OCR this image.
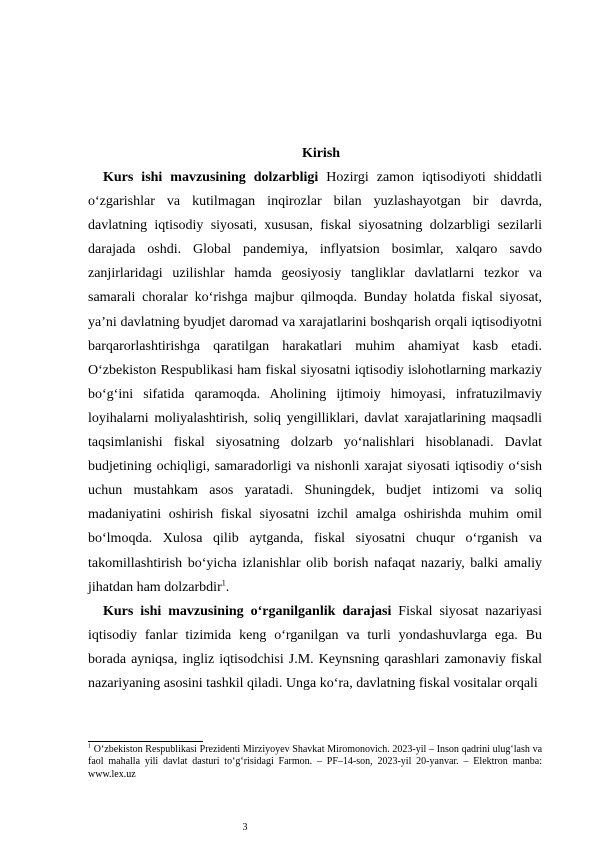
Kirish

Kurs ishi mavzusining dolzarbligi Hozirgi zamon iqtisodiyoti shiddatli o‘zgarishlar va kutilmagan inqirozlar bilan yuzlashayotgan bir davrda, davlatning iqtisodiy siyosati, xususan, fiskal siyosatning dolzarbligi sezilarli darajada oshdi. Global pandemiya, inflyatsion bosimlar, xalqaro savdo zanjirlaridagi uzilishlar hamda geosiyosiy tangliklar davlatlarni tezkor va samarali choralar ko‘rishga majbur qilmoqda. Bunday holatda fiskal siyosat, ya’ni davlatning byudjet daromad va xarajatlarini boshqarish orqali iqtisodiyotni barqarorlashtirishga qaratilgan harakatlari muhim ahamiyat kasb etadi. O‘zbekiston Respublikasi ham fiskal siyosatni iqtisodiy islohotlarning markaziy bo‘g‘ini sifatida qaramoqda. Aholining ijtimoiy himoyasi, infratuzilmaviy loyihalarni moliyalashtirish, soliq yengilliklari, davlat xarajatlarining maqsadli taqsimlanishi fiskal siyosatning dolzarb yo‘nalishlari hisoblanadi. Davlat budjetining ochiqligi, samaradorligi va nishonli xarajat siyosati iqtisodiy o‘sish uchun mustahkam asos yaratadi. Shuningdek, budjet intizomi va soliq madaniyatini oshirish fiskal siyosatni izchil amalga oshirishda muhim omil bo‘lmoqda. Xulosa qilib aytganda, fiskal siyosatni chuqur o‘rganish va takomillashtirish bo‘yicha izlanishlar olib borish nafaqat nazariy, balki amaliy jihatdan ham dolzarbdir$^1$.

Kurs ishi mavzusining o‘rganilganlik darajasi Fiskal siyosat nazariyasi iqtisodiy fanlar tizimida keng o‘rganilgan va turli yondashuvlarga ega. Bu borada ayniqsa, ingliz iqtisodchisi J.M. Keynsning qarashlari zamonaviy fiskal nazariyaning asosini tashkil qiladi. Unga ko‘ra, davlatning fiskal vositalar orqali

$^1$ O‘zbekiston Respublikasi Prezidenti Mirziyoyev Shavkat Miromonovich. 2023-yil – Inson qadrini ulug‘lash va faol mahalla yili davlat dasturi to‘g‘risidagi Farmon. – PF–14-son, 2023-yil 20-yanvar. – Elektron manba: www.lex.uz
3
